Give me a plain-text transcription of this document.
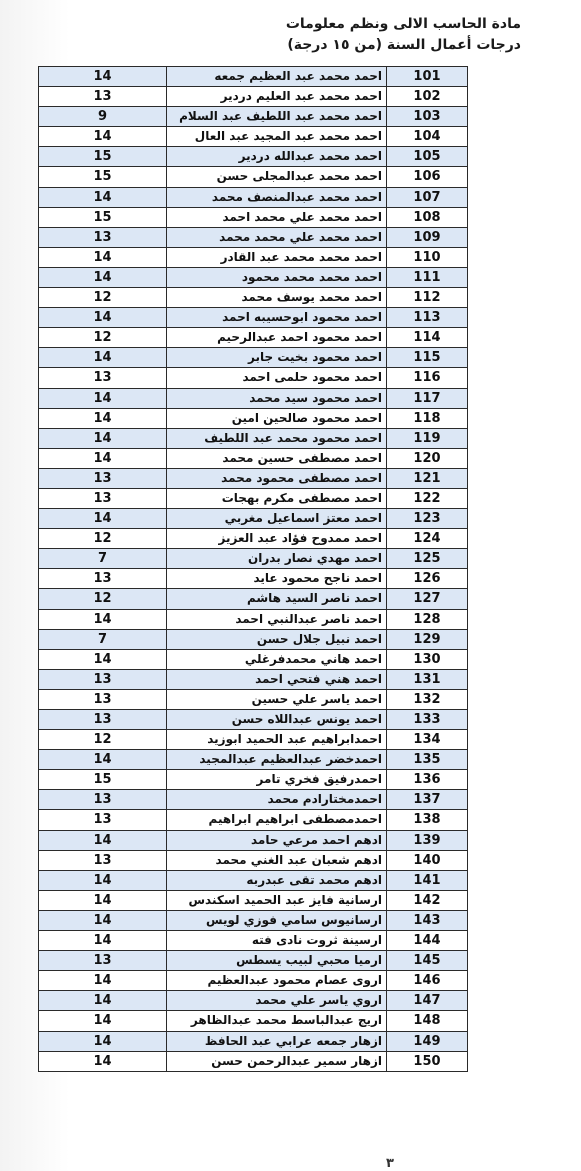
مادة الحاسب الالى ونظم معلومات
درجات أعمال السنة (من ١٥ درجة)
14	احمد محمد عبد العظيم جمعه	101
13	احمد محمد عبد العليم دردير	102
9	احمد محمد عبد اللطيف عبد السلام	103
14	احمد محمد عبد المجيد عبد العال	104
15	احمد محمد عبدالله دردير	105
15	احمد محمد عبدالمجلى حسن	106
14	احمد محمد عبدالمنصف محمد	107
15	احمد محمد علي محمد احمد	108
13	احمد محمد علي محمد محمد	109
14	احمد محمد محمد عبد القادر	110
14	احمد محمد محمد محمود	111
12	احمد محمد يوسف محمد	112
14	احمد محمود ابوحسيبه احمد	113
12	احمد محمود احمد عبدالرحيم	114
14	احمد محمود بخيت جابر	115
13	احمد محمود حلمى احمد	116
14	احمد محمود سيد محمد	117
14	احمد محمود صالحين امين	118
14	احمد محمود محمد عبد اللطيف	119
14	احمد مصطفى حسين محمد	120
13	احمد مصطفى محمود محمد	121
13	احمد مصطفى مكرم بهجات	122
14	احمد معتز اسماعيل مغربي	123
12	احمد ممدوح فؤاد عبد العزيز	124
7	احمد مهدي نصار بدران	125
13	احمد ناجح محمود عايد	126
12	احمد ناصر السيد هاشم	127
14	احمد ناصر عبدالنبي احمد	128
7	احمد نبيل جلال حسن	129
14	احمد هاني محمدفرغلي	130
13	احمد هني فتحي احمد	131
13	احمد ياسر علي حسين	132
13	احمد يونس عبداللاه حسن	133
12	احمدابراهيم عبد الحميد ابوزيد	134
14	احمدخضر عبدالعظيم عبدالمجيد	135
15	احمدرفيق فخري تامر	136
13	احمدمختارادم محمد	137
13	احمدمصطفى ابراهيم ابراهيم	138
14	ادهم احمد مرعي حامد	139
13	ادهم شعبان عبد الغني محمد	140
14	ادهم محمد تقى عبدربه	141
14	ارسانية فايز عبد الحميد اسكندس	142
14	ارسانيوس سامي فوزي لويس	143
14	ارسينة ثروت نادى فته	144
13	ارميا محبي لبيب يسطس	145
14	اروى عصام محمود عبدالعظيم	146
14	اروي ياسر علي محمد	147
14	اريج عبدالباسط محمد عبدالظاهر	148
14	ازهار جمعه عرابي عبد الحافظ	149
14	ازهار سمير عبدالرحمن حسن	150
٣
